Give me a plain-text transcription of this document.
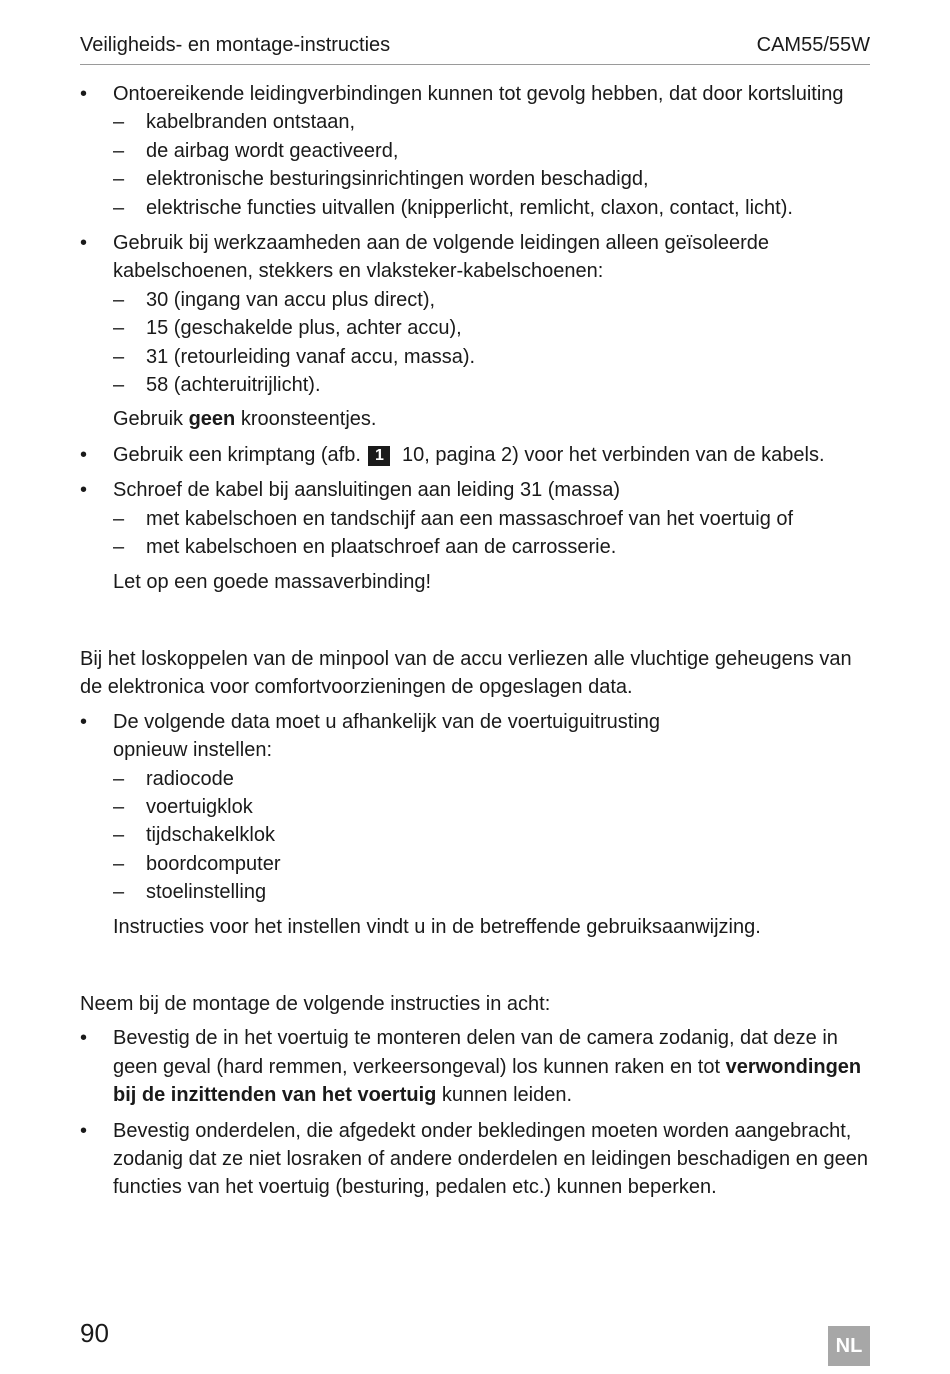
Veiligheids- en montage-instructies	CAM55/55W
• Ontoereikende leidingverbindingen kunnen tot gevolg hebben, dat door kortsluiting
– kabelbranden ontstaan,
– de airbag wordt geactiveerd,
– elektronische besturingsinrichtingen worden beschadigd,
– elektrische functies uitvallen (knipperlicht, remlicht, claxon, contact, licht).
• Gebruik bij werkzaamheden aan de volgende leidingen alleen geïsoleerde kabelschoenen, stekkers en vlaksteker-kabelschoenen:
– 30 (ingang van accu plus direct),
– 15 (geschakelde plus, achter accu),
– 31 (retourleiding vanaf accu, massa).
– 58 (achteruitrijlicht).
Gebruik geen kroonsteentjes.
• Gebruik een krimptang (afb. 1 10, pagina 2) voor het verbinden van de kabels.
• Schroef de kabel bij aansluitingen aan leiding 31 (massa)
– met kabelschoen en tandschijf aan een massaschroef van het voertuig of
– met kabelschoen en plaatschroef aan de carrosserie.
Let op een goede massaverbinding!

Bij het loskoppelen van de minpool van de accu verliezen alle vluchtige geheugens van de elektronica voor comfortvoorzieningen de opgeslagen data.

• De volgende data moet u afhankelijk van de voertuiguitrusting opnieuw instellen:
– radiocode
– voertuigklok
– tijdschakelklok
– boordcomputer
– stoelinstelling
Instructies voor het instellen vindt u in de betreffende gebruiksaanwijzing.

Neem bij de montage de volgende instructies in acht:

• Bevestig de in het voertuig te monteren delen van de camera zodanig, dat deze in geen geval (hard remmen, verkeersongeval) los kunnen raken en tot verwondingen bij de inzittenden van het voertuig kunnen leiden.
• Bevestig onderdelen, die afgedekt onder bekledingen moeten worden aangebracht, zodanig dat ze niet losraken of andere onderdelen en leidingen beschadigen en geen functies van het voertuig (besturing, pedalen etc.) kunnen beperken.
90	NL
